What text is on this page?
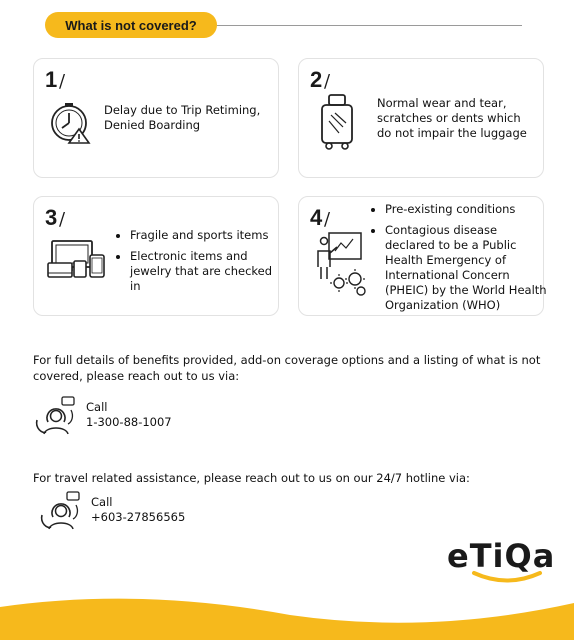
What is not covered?
1 /
Delay due to Trip Retiming, Denied Boarding
2 /
Normal wear and tear, scratches or dents which do not impair the luggage
3 /
• Fragile and sports items
• Electronic items and jewelry that are checked in
4 /
•	Pre-existing conditions
• Contagious disease declared to be a Public Health Emergency of International Concern (PHEIC) by the World Health Organization (WHO)
For full details of benefits provided, add-on coverage options and a listing of what is not covered, please reach out to us via:
Call
1-300-88-1007
For travel related assistance, please reach out to us on our 24/7 hotline via:
Call
+603-27856565
eTiQa
